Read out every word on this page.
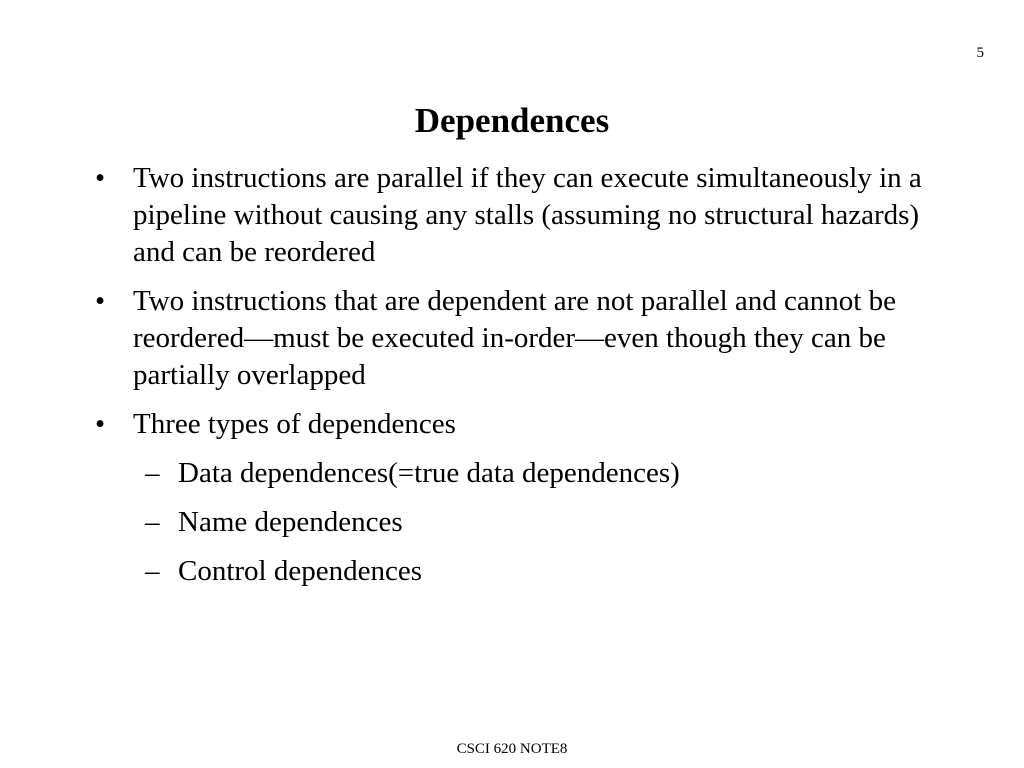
5
Dependences
• Two instructions are parallel if they can execute simultaneously in a pipeline without causing any stalls (assuming no structural hazards) and can be reordered
• Two instructions that are dependent are not parallel and cannot be reordered—must be executed in-order—even though they can be partially overlapped
• Three types of dependences
– Data dependences(=true data dependences)
– Name dependences
– Control dependences
CSCI 620 NOTE8
